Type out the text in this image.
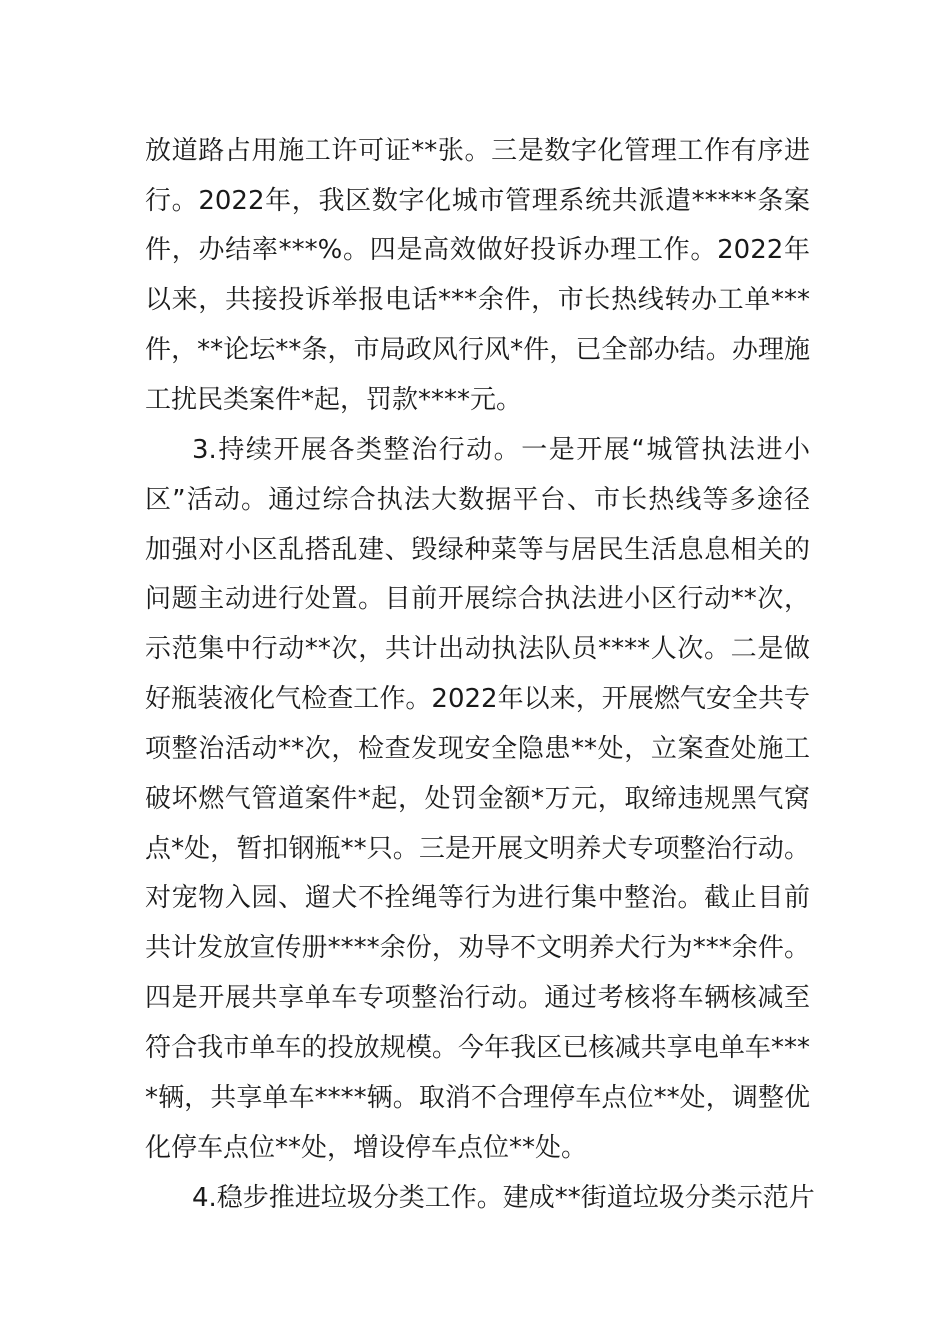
放道路占用施工许可证**张。三是数字化管理工作有序进
行。2022年，我区数字化城市管理系统共派遣*****条案
件，办结率***%。四是高效做好投诉办理工作。2022年
以来，共接投诉举报电话***余件，市长热线转办工单***
件，**论坛**条，市局政风行风*件，已全部办结。办理施
工扰民类案件*起，罚款****元。
3.持续开展各类整治行动。一是开展“城管执法进小
区”活动。通过综合执法大数据平台、市长热线等多途径
加强对小区乱搭乱建、毁绿种菜等与居民生活息息相关的
问题主动进行处置。目前开展综合执法进小区行动**次，
示范集中行动**次，共计出动执法队员****人次。二是做
好瓶装液化气检查工作。2022年以来，开展燃气安全共专
项整治活动**次，检查发现安全隐患**处，立案查处施工
破坏燃气管道案件*起，处罚金额*万元，取缔违规黑气窝
点*处，暂扣钢瓶**只。三是开展文明养犬专项整治行动。
对宠物入园、遛犬不拴绳等行为进行集中整治。截止目前
共计发放宣传册****余份，劝导不文明养犬行为***余件。
四是开展共享单车专项整治行动。通过考核将车辆核减至
符合我市单车的投放规模。今年我区已核减共享电单车***
*辆，共享单车****辆。取消不合理停车点位**处，调整优
化停车点位**处，增设停车点位**处。
4.稳步推进垃圾分类工作。建成**街道垃圾分类示范片
